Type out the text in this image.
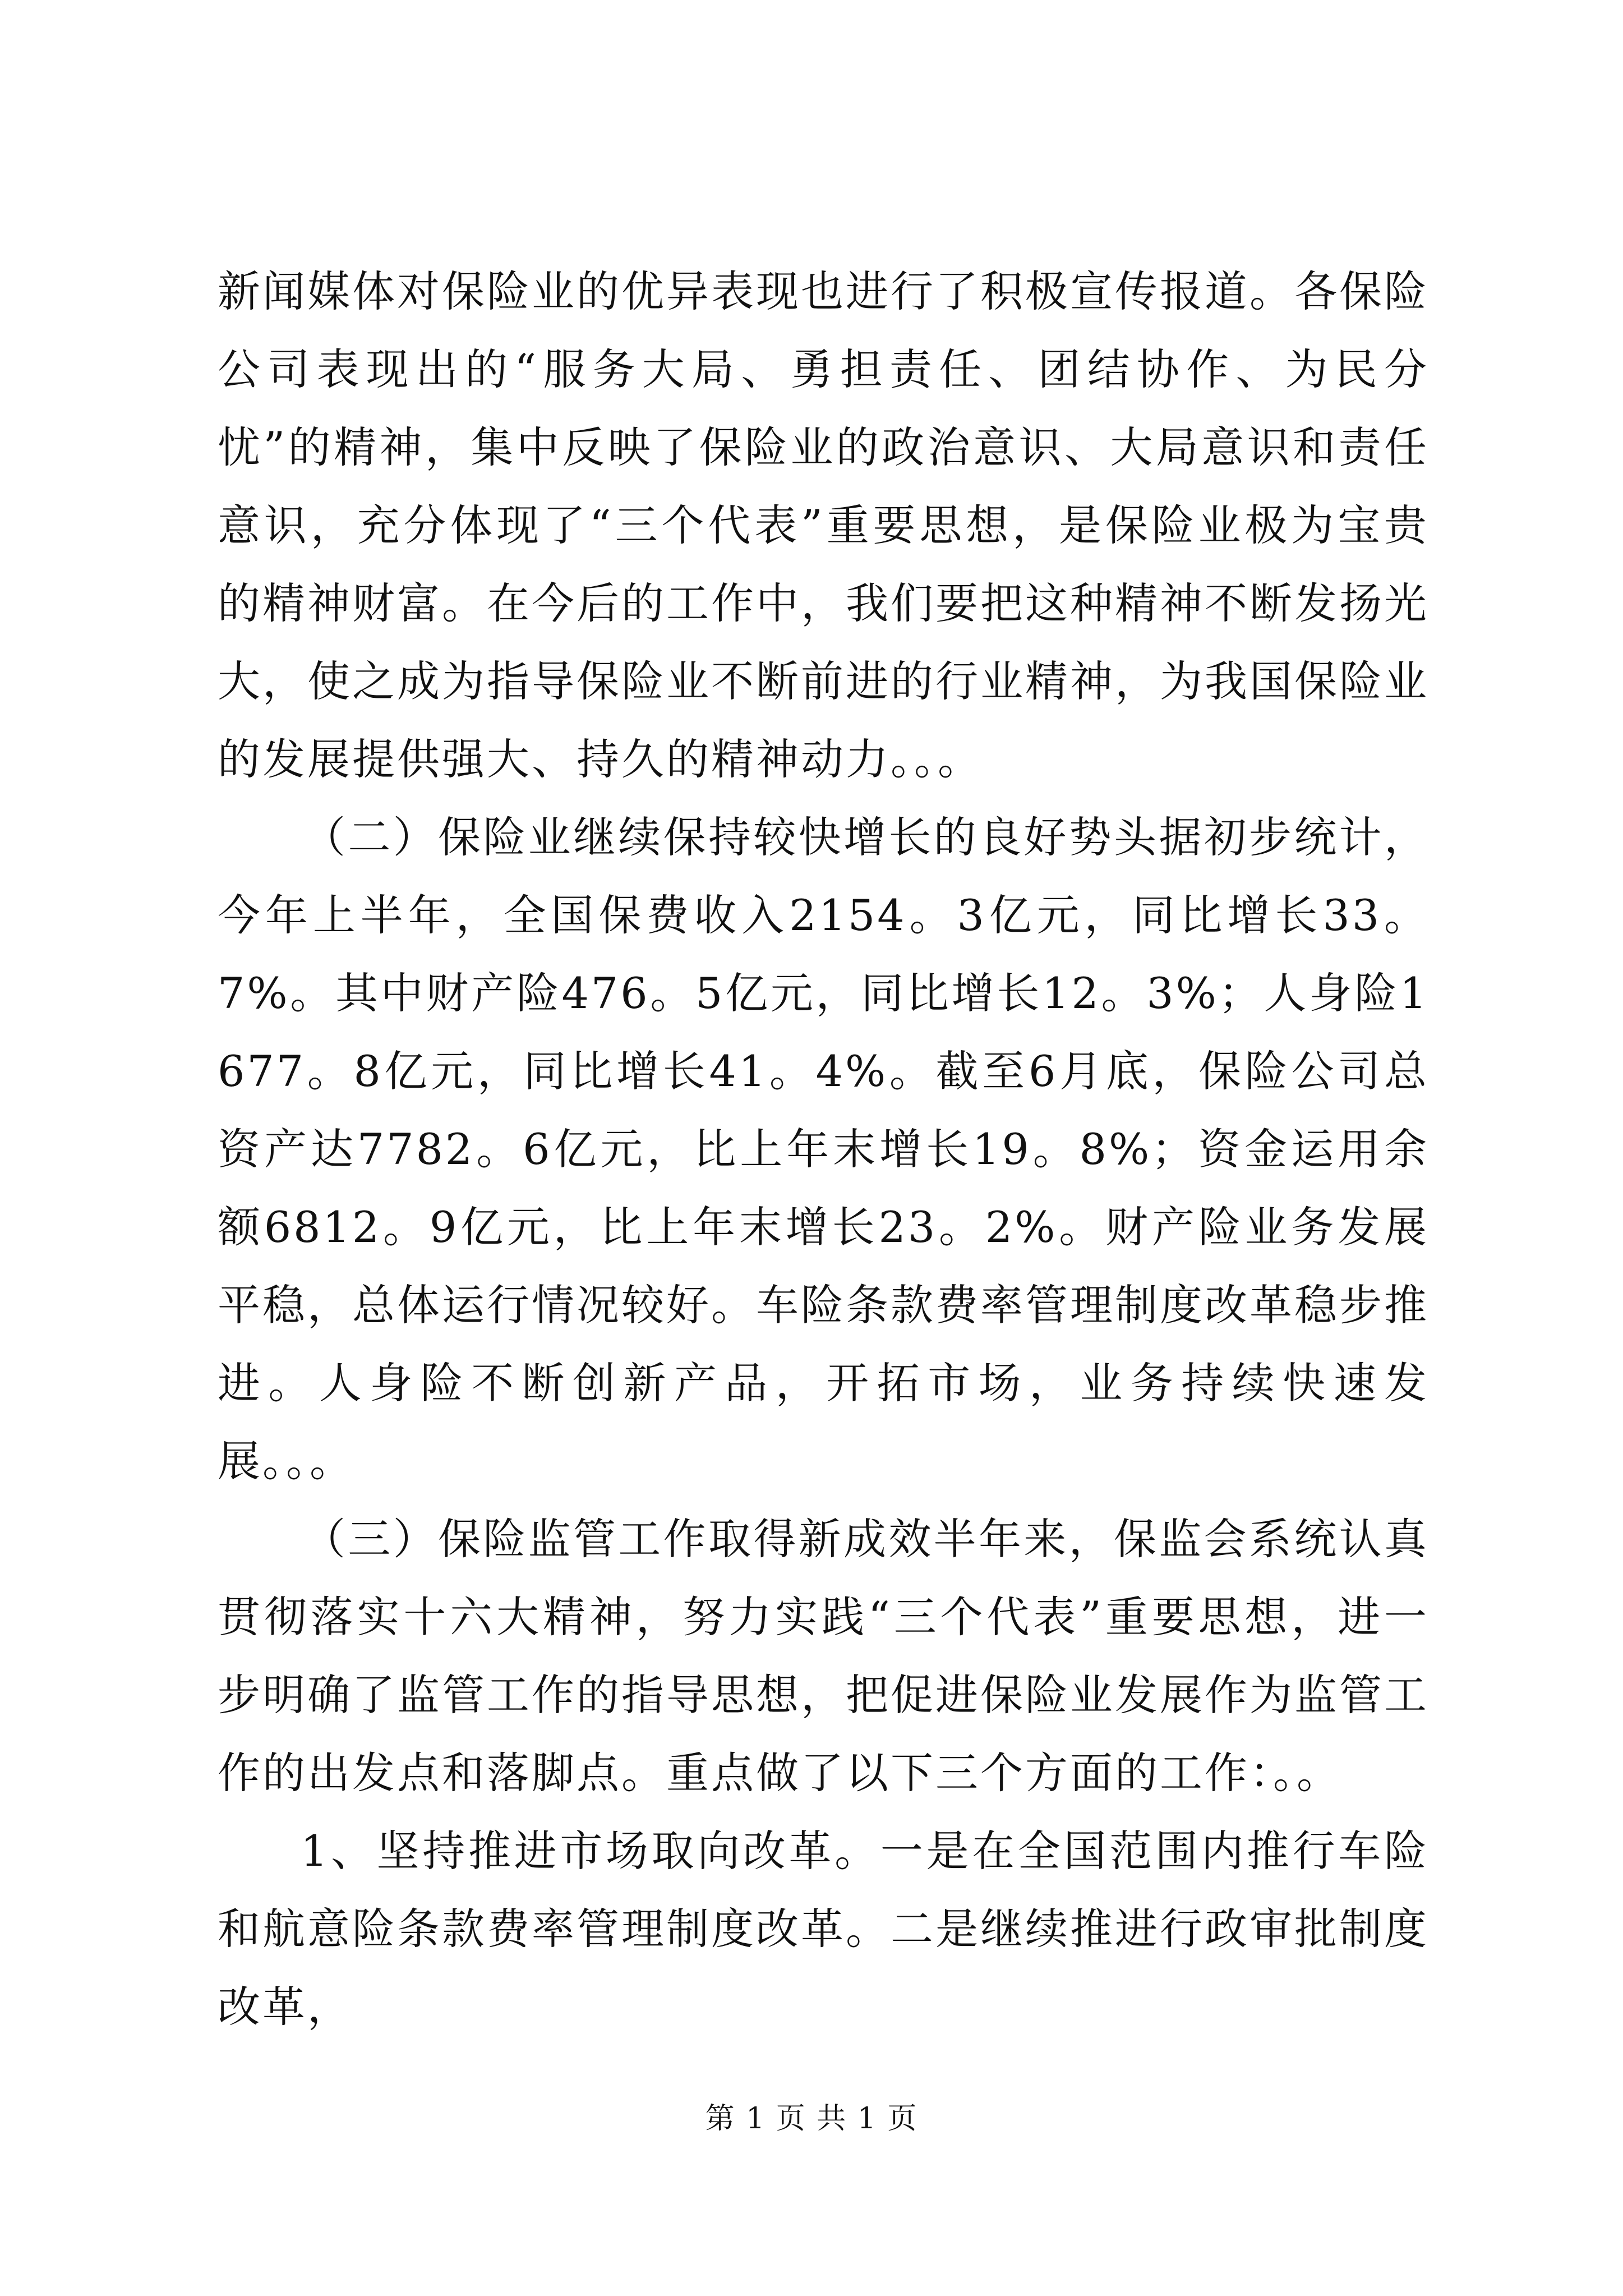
新闻媒体对保险业的优异表现也进行了积极宣传报道。各保险公司表现出的“服务大局、勇担责任、团结协作、为民分忧”的精神，集中反映了保险业的政治意识、大局意识和责任意识，充分体现了“三个代表”重要思想，是保险业极为宝贵的精神财富。在今后的工作中，我们要把这种精神不断发扬光大，使之成为指导保险业不断前进的行业精神，为我国保险业的发展提供强大、持久的精神动力。。。

（二）保险业继续保持较快增长的良好势头据初步统计，今年上半年，全国保费收入2154。3亿元，同比增长33。7%。其中财产险476。5亿元，同比增长12。3%；人身险1677。8亿元，同比增长41。4%。截至6月底，保险公司总资产达7782。6亿元，比上年末增长19。8%；资金运用余额6812。9亿元，比上年末增长23。2%。财产险业务发展平稳，总体运行情况较好。车险条款费率管理制度改革稳步推进。人身险不断创新产品，开拓市场，业务持续快速发展。。。

（三）保险监管工作取得新成效半年来，保监会系统认真贯彻落实十六大精神，努力实践“三个代表”重要思想，进一步明确了监管工作的指导思想，把促进保险业发展作为监管工作的出发点和落脚点。重点做了以下三个方面的工作：。。

1、坚持推进市场取向改革。一是在全国范围内推行车险和航意险条款费率管理制度改革。二是继续推进行政审批制度改革，

第 1 页 共 1 页
